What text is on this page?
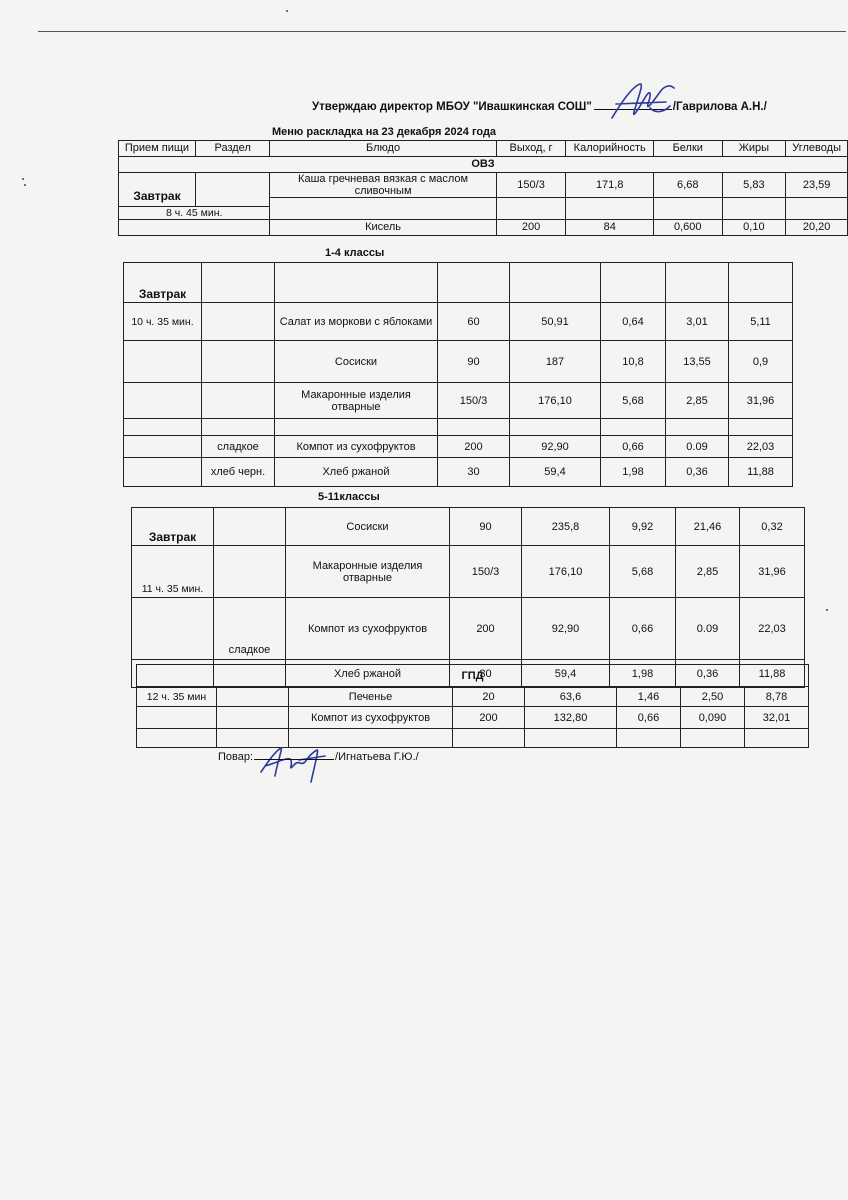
Утверждаю директор МБОУ "Ивашкинская СОШ"	/Гаврилова А.Н./
Меню раскладка на 23 декабря 2024 года

Прием пищи	Раздел	Блюдо	Выход, г	Калорийность	Белки	Жиры	Углеводы
ОВЗ							
Завтрак		Каша гречневая вязкая с маслом сливочным	150/3	171,8	6,68	5,83	23,59

8 ч. 45 мин.							
		Кисель	200	84	0,600	0,10	20,20
1-4 классы
Завтрак							
10 ч. 35 мин.		Салат из моркови с яблоками	60	50,91	0,64	3,01	5,11
		Сосиски	90	187	10,8	13,55	0,9
		Макаронные изделия отварные	150/3	176,10	5,68	2,85	31,96

	сладкое	Компот из сухофруктов	200	92,90	0,66	0.09	22,03
	хлеб черн.	Хлеб ржаной	30	59,4	1,98	0,36	11,88
5-11классы
Завтрак		Сосиски	90	235,8	9,92	21,46	0,32
11 ч. 35 мин.		Макаронные изделия отварные	150/3	176,10	5,68	2,85	31,96
	сладкое	Компот из сухофруктов	200	92,90	0,66	0.09	22,03
		Хлеб ржаной	30	59,4	1,98	0,36	11,88
ГПД							
12 ч. 35 мин		Печенье	20	63,6	1,46	2,50	8,78
		Компот из сухофруктов	200	132,80	0,66	0,090	32,01

Повар:	/Игнатьева Г.Ю./
